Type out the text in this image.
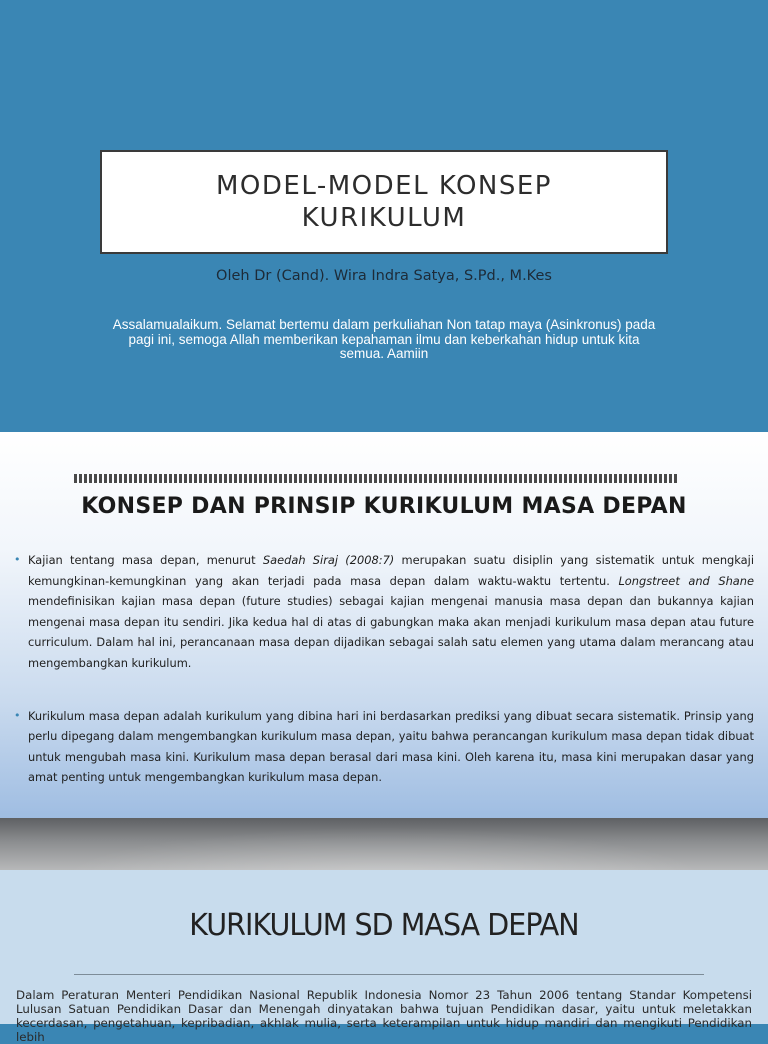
MODEL-MODEL KONSEP KURIKULUM
Oleh Dr (Cand). Wira Indra Satya, S.Pd., M.Kes
Assalamualaikum. Selamat bertemu dalam perkuliahan Non tatap maya (Asinkronus) pada pagi ini, semoga Allah memberikan kepahaman ilmu dan keberkahan hidup untuk kita semua. Aamiin
KONSEP DAN PRINSIP KURIKULUM MASA DEPAN

• Kajian tentang masa depan, menurut Saedah Siraj (2008:7) merupakan suatu disiplin yang sistematik untuk mengkaji kemungkinan-kemungkinan yang akan terjadi pada masa depan dalam waktu-waktu tertentu. Longstreet and Shane mendefinisikan kajian masa depan (future studies) sebagai kajian mengenai manusia masa depan dan bukannya kajian mengenai masa depan itu sendiri. Jika kedua hal di atas di gabungkan maka akan menjadi kurikulum masa depan atau future curriculum. Dalam hal ini, perancanaan masa depan dijadikan sebagai salah satu elemen yang utama dalam merancang atau mengembangkan kurikulum.

• Kurikulum masa depan adalah kurikulum yang dibina hari ini berdasarkan prediksi yang dibuat secara sistematik. Prinsip yang perlu dipegang dalam mengembangkan kurikulum masa depan, yaitu bahwa perancangan kurikulum masa depan tidak dibuat untuk mengubah masa kini. Kurikulum masa depan berasal dari masa kini. Oleh karena itu, masa kini merupakan dasar yang amat penting untuk mengembangkan kurikulum masa depan.

KURIKULUM SD MASA DEPAN

Dalam Peraturan Menteri Pendidikan Nasional Republik Indonesia Nomor 23 Tahun 2006 tentang Standar Kompetensi Lulusan Satuan Pendidikan Dasar dan Menengah dinyatakan bahwa tujuan Pendidikan dasar, yaitu untuk meletakkan kecerdasan, pengetahuan, kepribadian, akhlak mulia, serta keterampilan untuk hidup mandiri dan mengikuti Pendidikan lebih
